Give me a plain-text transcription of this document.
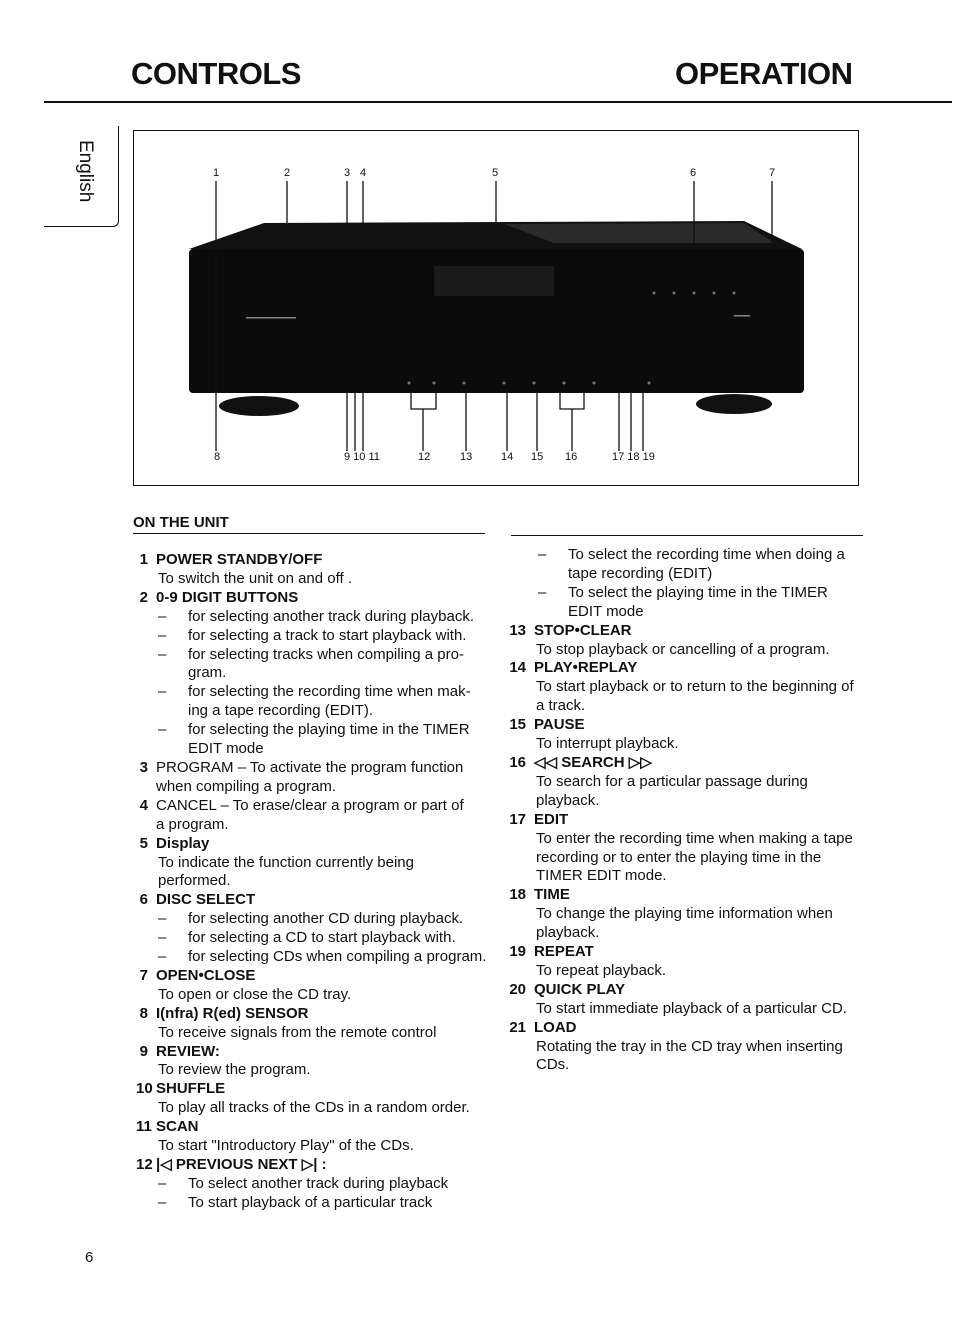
CONTROLS	OPERATION
English	1	2	3 4	5	6	7
8	9 10 11	12	13	14 15 16	17 18 19
ON THE UNIT
1 POWER STANDBY/OFF
To switch the unit on and off .
2 0-9 DIGIT BUTTONS
–	for selecting another track during playback.
–	for selecting a track to start playback with.
–	for selecting tracks when compiling a pro-
gram.
–	for selecting the recording time when mak-
ing a tape recording (EDIT).
–	for selecting the playing time in the TIMER
EDIT mode
3 PROGRAM – To activate the program function
when compiling a program.
4 CANCEL – To erase/clear a program or part of
a program.
5 Display
To indicate the function currently being
performed.
6 DISC SELECT
–	for selecting another CD during playback.
–	for selecting a CD to start playback with.
–	for selecting CDs when compiling a program.
7 OPEN•CLOSE
To open or close the CD tray.
8 I(nfra) R(ed) SENSOR
To receive signals from the remote control
9 REVIEW:
To review the program.
10 SHUFFLE
To play all tracks of the CDs in a random order.
11 SCAN
To start "Introductory Play" of the CDs.
12 |◁ PREVIOUS NEXT ▷| :
–	To select another track during playback
–	To start playback of a particular track
–	To select the recording time when doing a
tape recording (EDIT)
–	To select the playing time in the TIMER
EDIT mode
13 STOP•CLEAR
To stop playback or cancelling of a program.
14 PLAY•REPLAY
To start playback or to return to the beginning of
a track.
15 PAUSE
To interrupt playback.
16 ◁◁ SEARCH ▷▷
To search for a particular passage during
playback.
17 EDIT
To enter the recording time when making a tape
recording or to enter the playing time in the
TIMER EDIT mode.
18 TIME
To change the playing time information when
playback.
19 REPEAT
To repeat playback.
20 QUICK PLAY
To start immediate playback of a particular CD.
21 LOAD
Rotating the tray in the CD tray when inserting
CDs.
6
